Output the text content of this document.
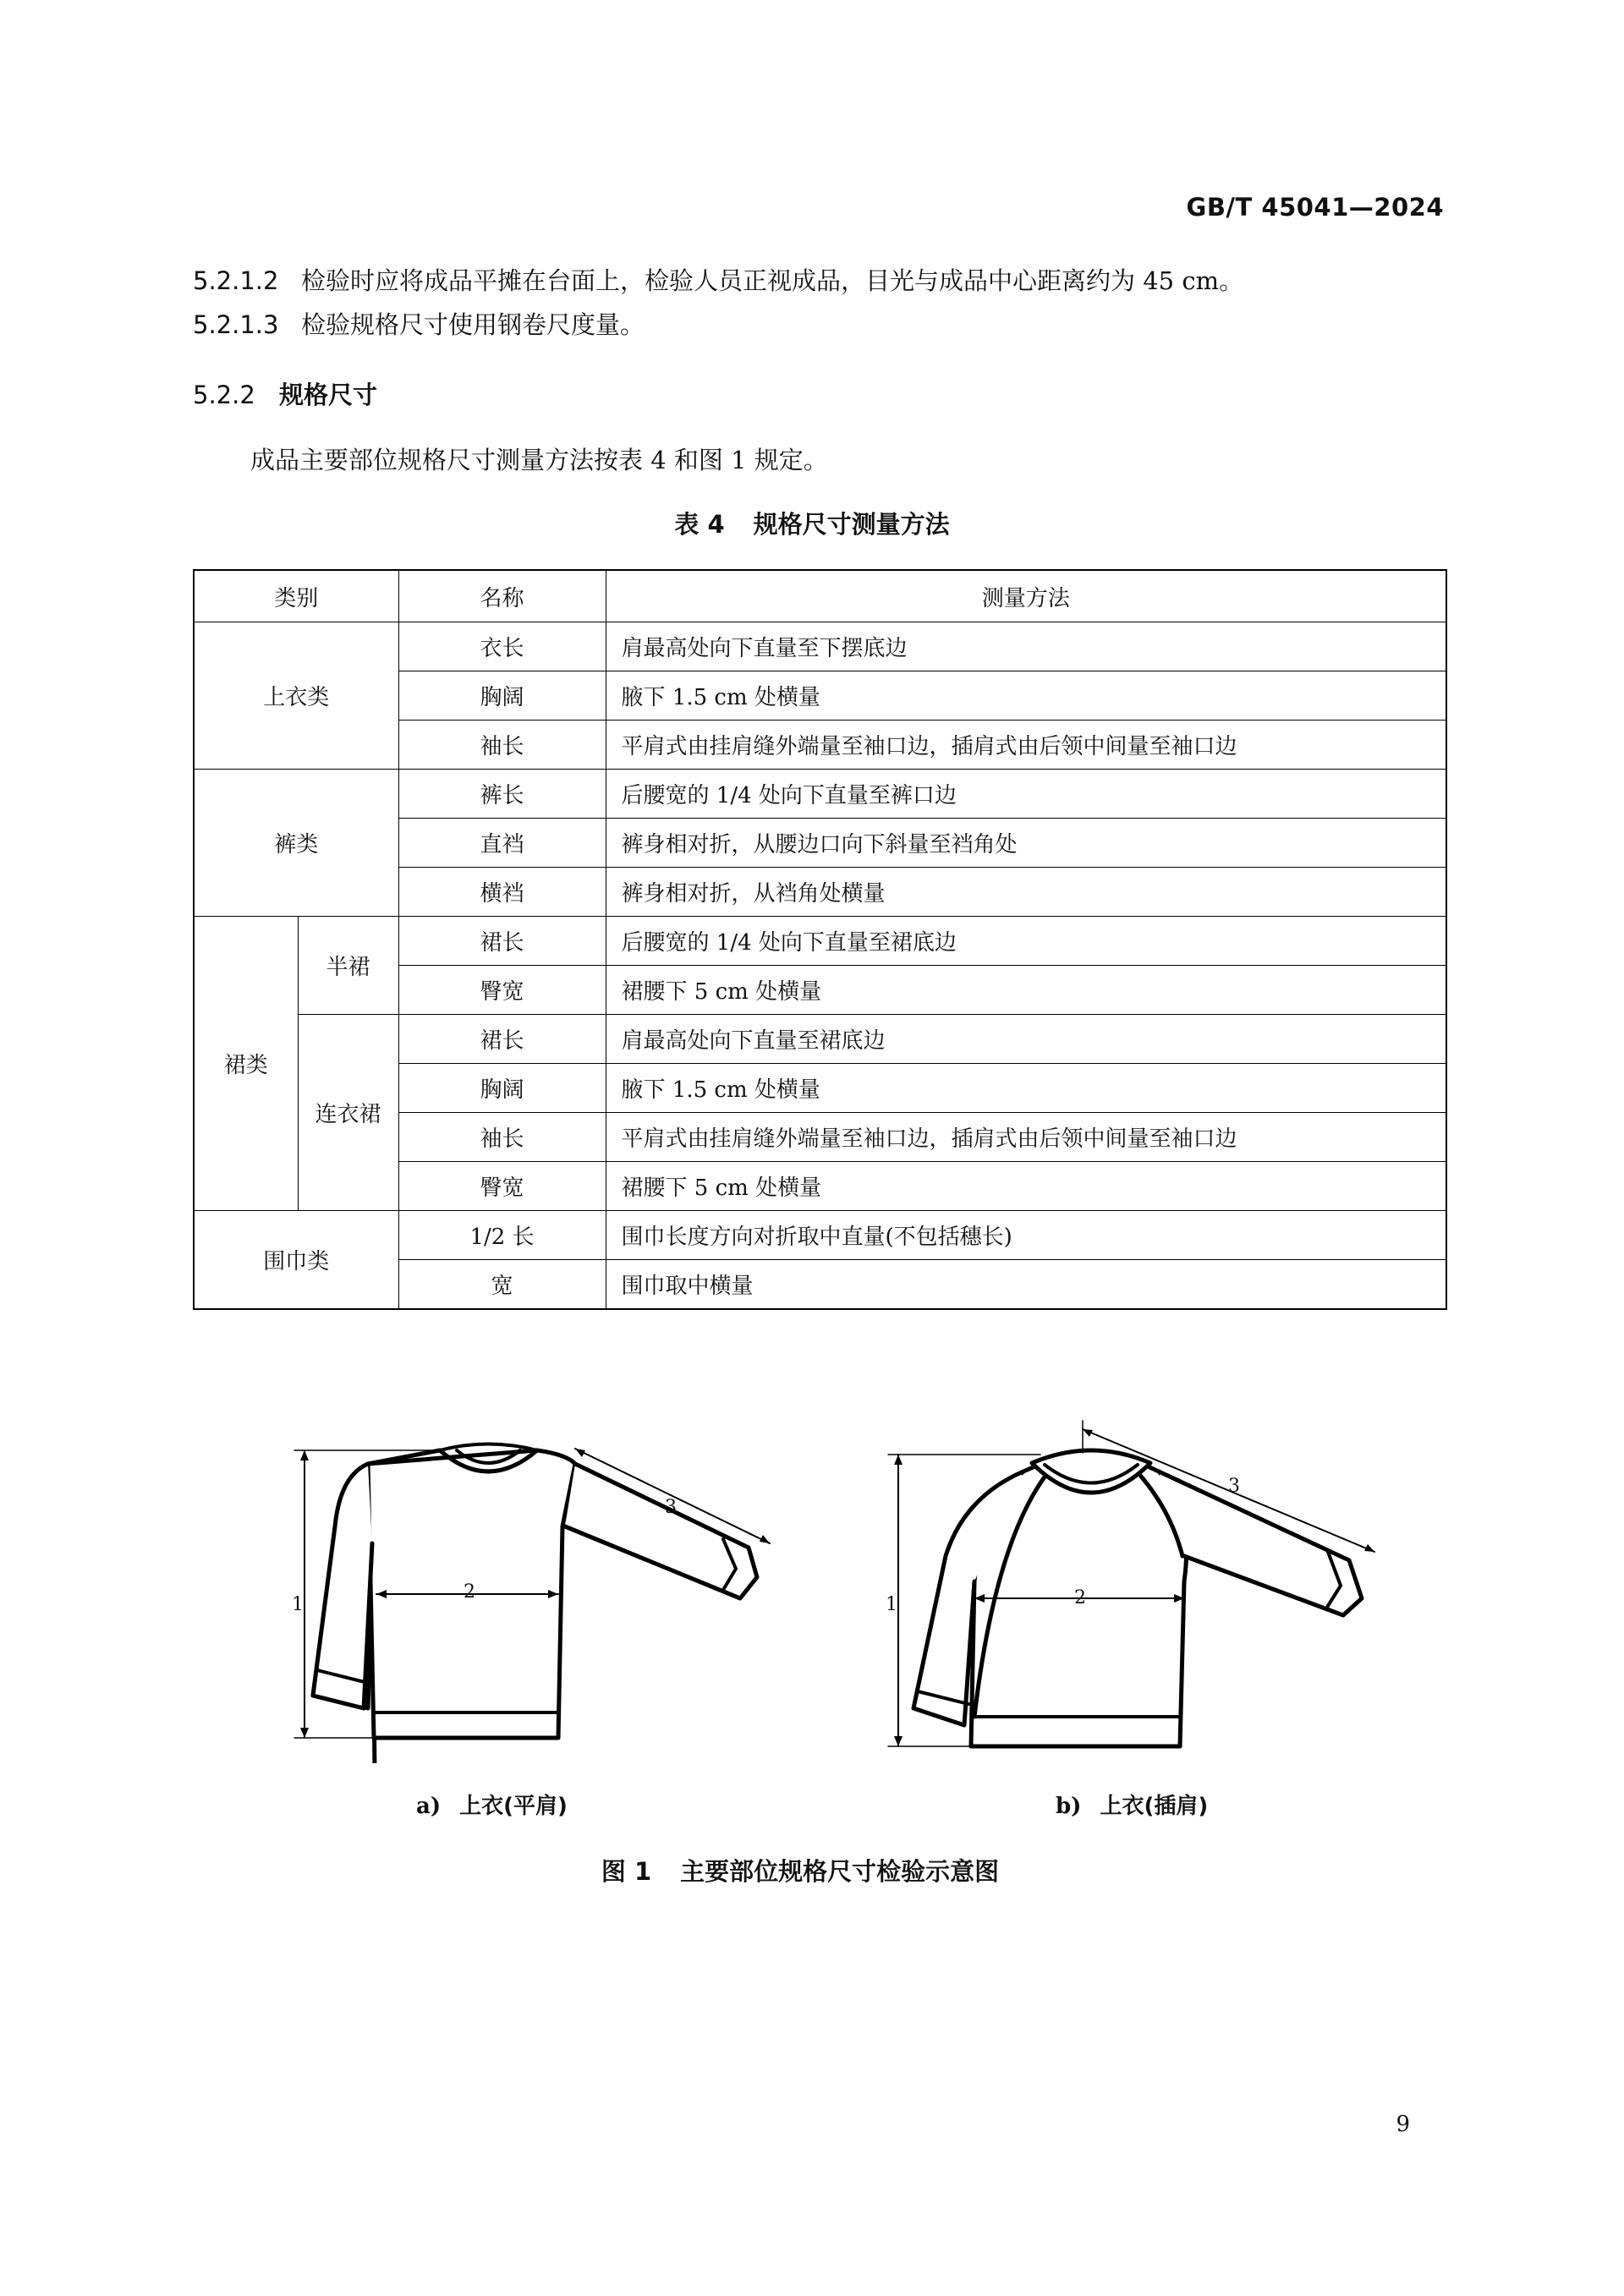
GB/T 45041—2024
5.2.1.2 检验时应将成品平摊在台面上，检验人员正视成品，目光与成品中心距离约为 45 cm。
5.2.1.3 检验规格尺寸使用钢卷尺度量。
5.2.2 规格尺寸
成品主要部位规格尺寸测量方法按表 4 和图 1 规定。
表 4 规格尺寸测量方法
类别		名称	测量方法
上衣类		衣长	肩最高处向下直量至下摆底边
		胸阔	腋下 1.5 cm 处横量
		袖长	平肩式由挂肩缝外端量至袖口边，插肩式由后领中间量至袖口边
裤类		裤长	后腰宽的 1/4 处向下直量至裤口边
		直裆	裤身相对折，从腰边口向下斜量至裆角处
		横裆	裤身相对折，从裆角处横量
裙类	半裙	裙长	后腰宽的 1/4 处向下直量至裙底边
		臀宽	裙腰下 5 cm 处横量
	连衣裙	裙长	肩最高处向下直量至裙底边
		胸阔	腋下 1.5 cm 处横量
		袖长	平肩式由挂肩缝外端量至袖口边，插肩式由后领中间量至袖口边
		臀宽	裙腰下 5 cm 处横量
围巾类		1/2 长	围巾长度方向对折取中直量(不包括穗长)
		宽	围巾取中横量
1
2
3
1	2
3
a) 上衣(平肩)	b) 上衣(插肩)
图 1 主要部位规格尺寸检验示意图
9
